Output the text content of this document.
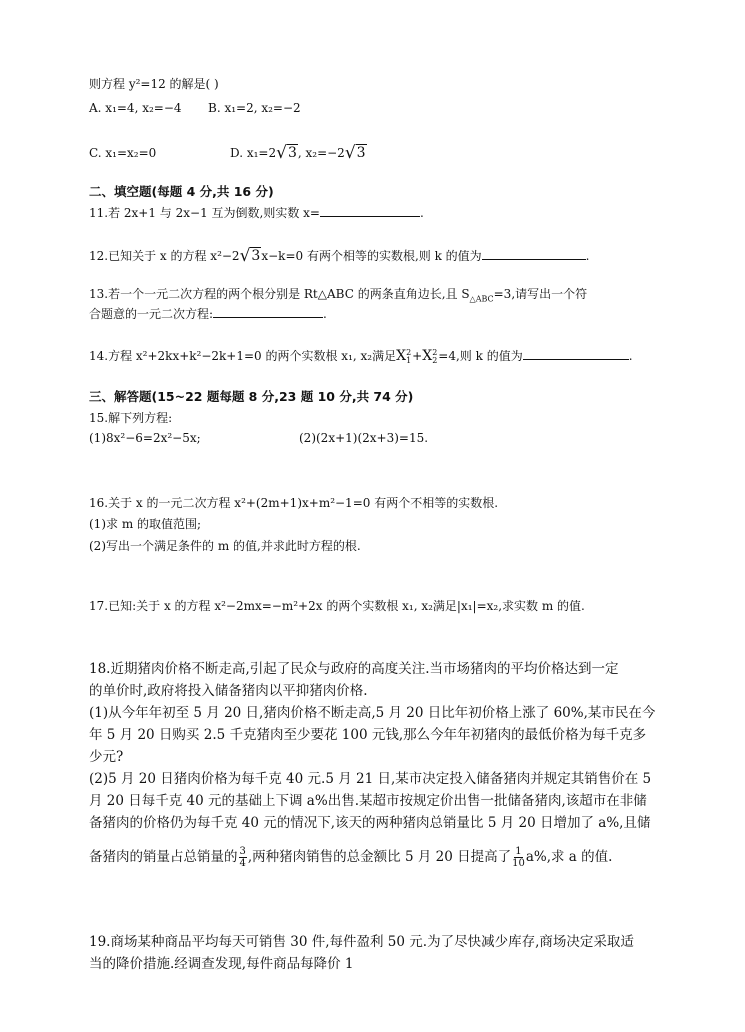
则方程 y²=12 的解是( )
A. x₁=4, x₂=−4 B. x₁=2, x₂=−2
C. x₁=x₂=0	D. x₁=2√3, x₂=−2√3
二、填空题(每题 4 分,共 16 分)
11.若 2x+1 与 2x−1 互为倒数,则实数 x=	.
12.已知关于 x 的方程 x²−2√3x−k=0 有两个相等的实数根,则 k 的值为	.
13.若一个一元二次方程的两个根分别是 Rt△ABC 的两条直角边长,且 $S_{\triangle ABC}=3$,请写出一个符
合题意的一元二次方程:	.
14.方程 x²+2kx+k²−2k+1=0 的两个实数根 x₁, x₂满足X 2
1 +X 2
2 =4,则 k 的值为	.
三、解答题(15~22 题每题 8 分,23 题 10 分,共 74 分)
15.解下列方程:
(1)8x²−6=2x²−5x;	(2)(2x+1)(2x+3)=15.
16.关于 x 的一元二次方程 x²+(2m+1)x+m²−1=0 有两个不相等的实数根.
(1)求 m 的取值范围;
(2)写出一个满足条件的 m 的值,并求此时方程的根.
17.已知:关于 x 的方程 x²−2mx=−m²+2x 的两个实数根 x₁, x₂满足|x₁|=x₂,求实数 m 的值.
18.近期猪肉价格不断走高,引起了民众与政府的高度关注.当市场猪肉的平均价格达到一定
的单价时,政府将投入储备猪肉以平抑猪肉价格.
(1)从今年年初至 5 月 20 日,猪肉价格不断走高,5 月 20 日比年初价格上涨了 60%,某市民在今
年 5 月 20 日购买 2.5 千克猪肉至少要花 100 元钱,那么今年年初猪肉的最低价格为每千克多
少元?
(2)5 月 20 日猪肉价格为每千克 40 元.5 月 21 日,某市决定投入储备猪肉并规定其销售价在 5
月 20 日每千克 40 元的基础上下调 a%出售.某超市按规定价出售一批储备猪肉,该超市在非储
备猪肉的价格仍为每千克 40 元的情况下,该天的两种猪肉总销量比 5 月 20 日增加了 a%,且储
备猪肉的销量占总销量的 $\frac{3}{4}$ ,两种猪肉销售的总金额比 5 月 20 日提高了 $\frac{1}{10} a\%$,求 a 的值.
19.商场某种商品平均每天可销售 30 件,每件盈利 50 元.为了尽快减少库存,商场决定采取适
当的降价措施.经调查发现,每件商品每降价 1
